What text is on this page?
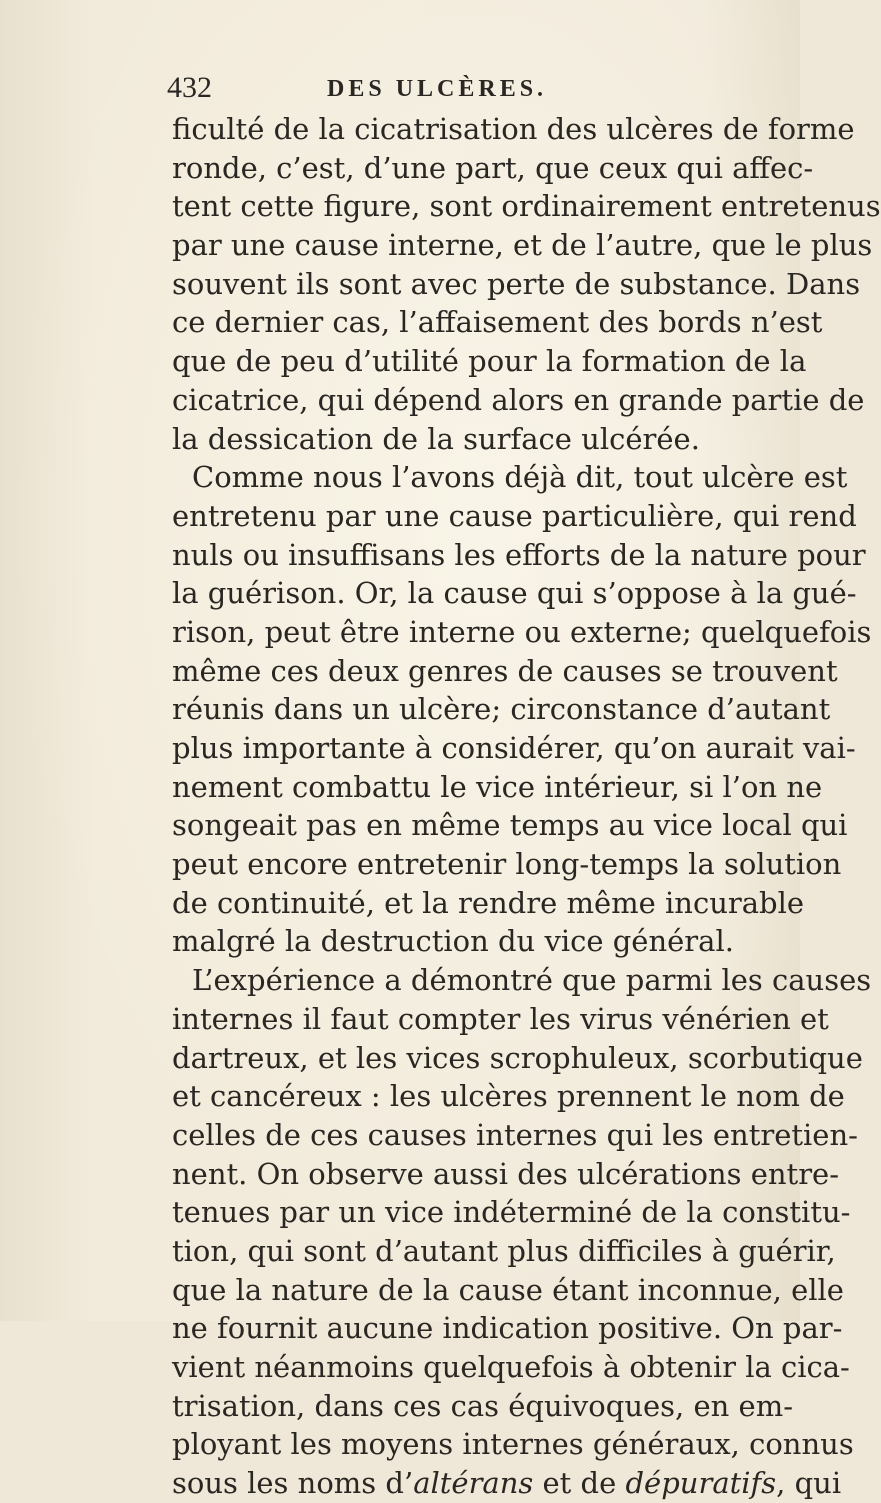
432	DES ULCÈRES.
ficulté de la cicatrisation des ulcères de forme
ronde, c’est, d’une part, que ceux qui affec-
tent cette figure, sont ordinairement entretenus
par une cause interne, et de l’autre, que le plus
souvent ils sont avec perte de substance. Dans
ce dernier cas, l’affaisement des bords n’est
que de peu d’utilité pour la formation de la
cicatrice, qui dépend alors en grande partie de
la dessication de la surface ulcérée.
Comme nous l’avons déjà dit, tout ulcère est
entretenu par une cause particulière, qui rend
nuls ou insuffisans les efforts de la nature pour
la guérison. Or, la cause qui s’oppose à la gué-
rison, peut être interne ou externe; quelquefois
même ces deux genres de causes se trouvent
réunis dans un ulcère; circonstance d’autant
plus importante à considérer, qu’on aurait vai-
nement combattu le vice intérieur, si l’on ne
songeait pas en même temps au vice local qui
peut encore entretenir long-temps la solution
de continuité, et la rendre même incurable
malgré la destruction du vice général.
L’expérience a démontré que parmi les causes
internes il faut compter les virus vénérien et
dartreux, et les vices scrophuleux, scorbutique
et cancéreux : les ulcères prennent le nom de
celles de ces causes internes qui les entretien-
nent. On observe aussi des ulcérations entre-
tenues par un vice indéterminé de la constitu-
tion, qui sont d’autant plus difficiles à guérir,
que la nature de la cause étant inconnue, elle
ne fournit aucune indication positive. On par-
vient néanmoins quelquefois à obtenir la cica-
trisation, dans ces cas équivoques, en em-
ployant les moyens internes généraux, connus
sous les noms d’altérans et de dépuratifs, qui
